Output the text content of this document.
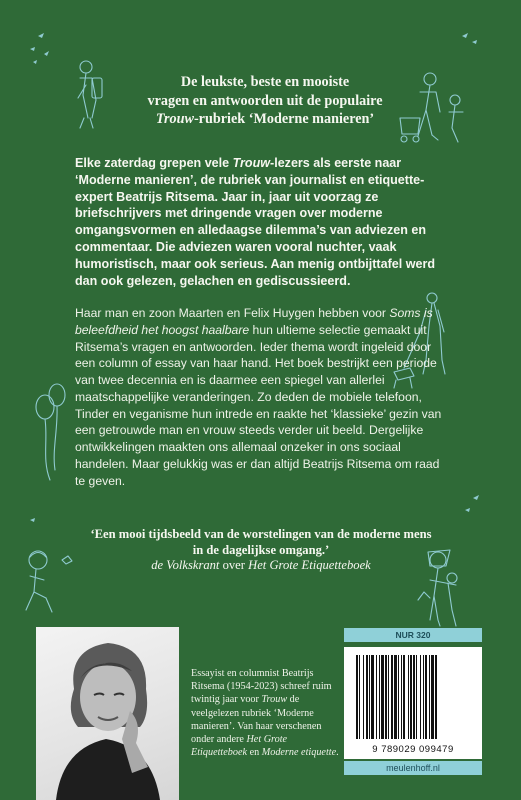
De leukste, beste en mooiste
vragen en antwoorden uit de populaire
Trouw-rubriek ‘Moderne manieren’
Elke zaterdag grepen vele Trouw-lezers als eerste naar ‘Moderne manieren’, de rubriek van journalist en etiquette-expert Beatrijs Ritsema. Jaar in, jaar uit voorzag ze briefschrijvers met dringende vragen over moderne omgangsvormen en alledaagse dilemma’s van adviezen en commentaar. Die adviezen waren vooral nuchter, vaak humoristisch, maar ook serieus. Aan menig ontbijttafel werd dan ook gelezen, gelachen en gediscussieerd.
Haar man en zoon Maarten en Felix Huygen hebben voor Soms is beleefdheid het hoogst haalbare hun ultieme selectie gemaakt uit Ritsema’s vragen en antwoorden. Ieder thema wordt ingeleid door een column of essay van haar hand. Het boek bestrijkt een periode van twee decennia en is daarmee een spiegel van allerlei maatschappelijke veranderingen. Zo deden de mobiele telefoon, Tinder en veganisme hun intrede en raakte het ‘klassieke’ gezin van een getrouwde man en vrouw steeds verder uit beeld. Dergelijke ontwikkelingen maakten ons allemaal onzeker in ons sociaal handelen. Maar gelukkig was er dan altijd Beatrijs Ritsema om raad te geven.
‘Een mooi tijdsbeeld van de worstelingen van de moderne mens in de dagelijkse omgang.’
de Volkskrant over Het Grote Etiquetteboek
Essayist en columnist Beatrijs Ritsema (1954-2023) schreef ruim twintig jaar voor Trouw de veelgelezen rubriek ‘Moderne manieren’. Van haar verschenen onder andere Het Grote Etiquetteboek en Moderne etiquette.
NUR 320
9 789029 099479
meulenhoff.nl
